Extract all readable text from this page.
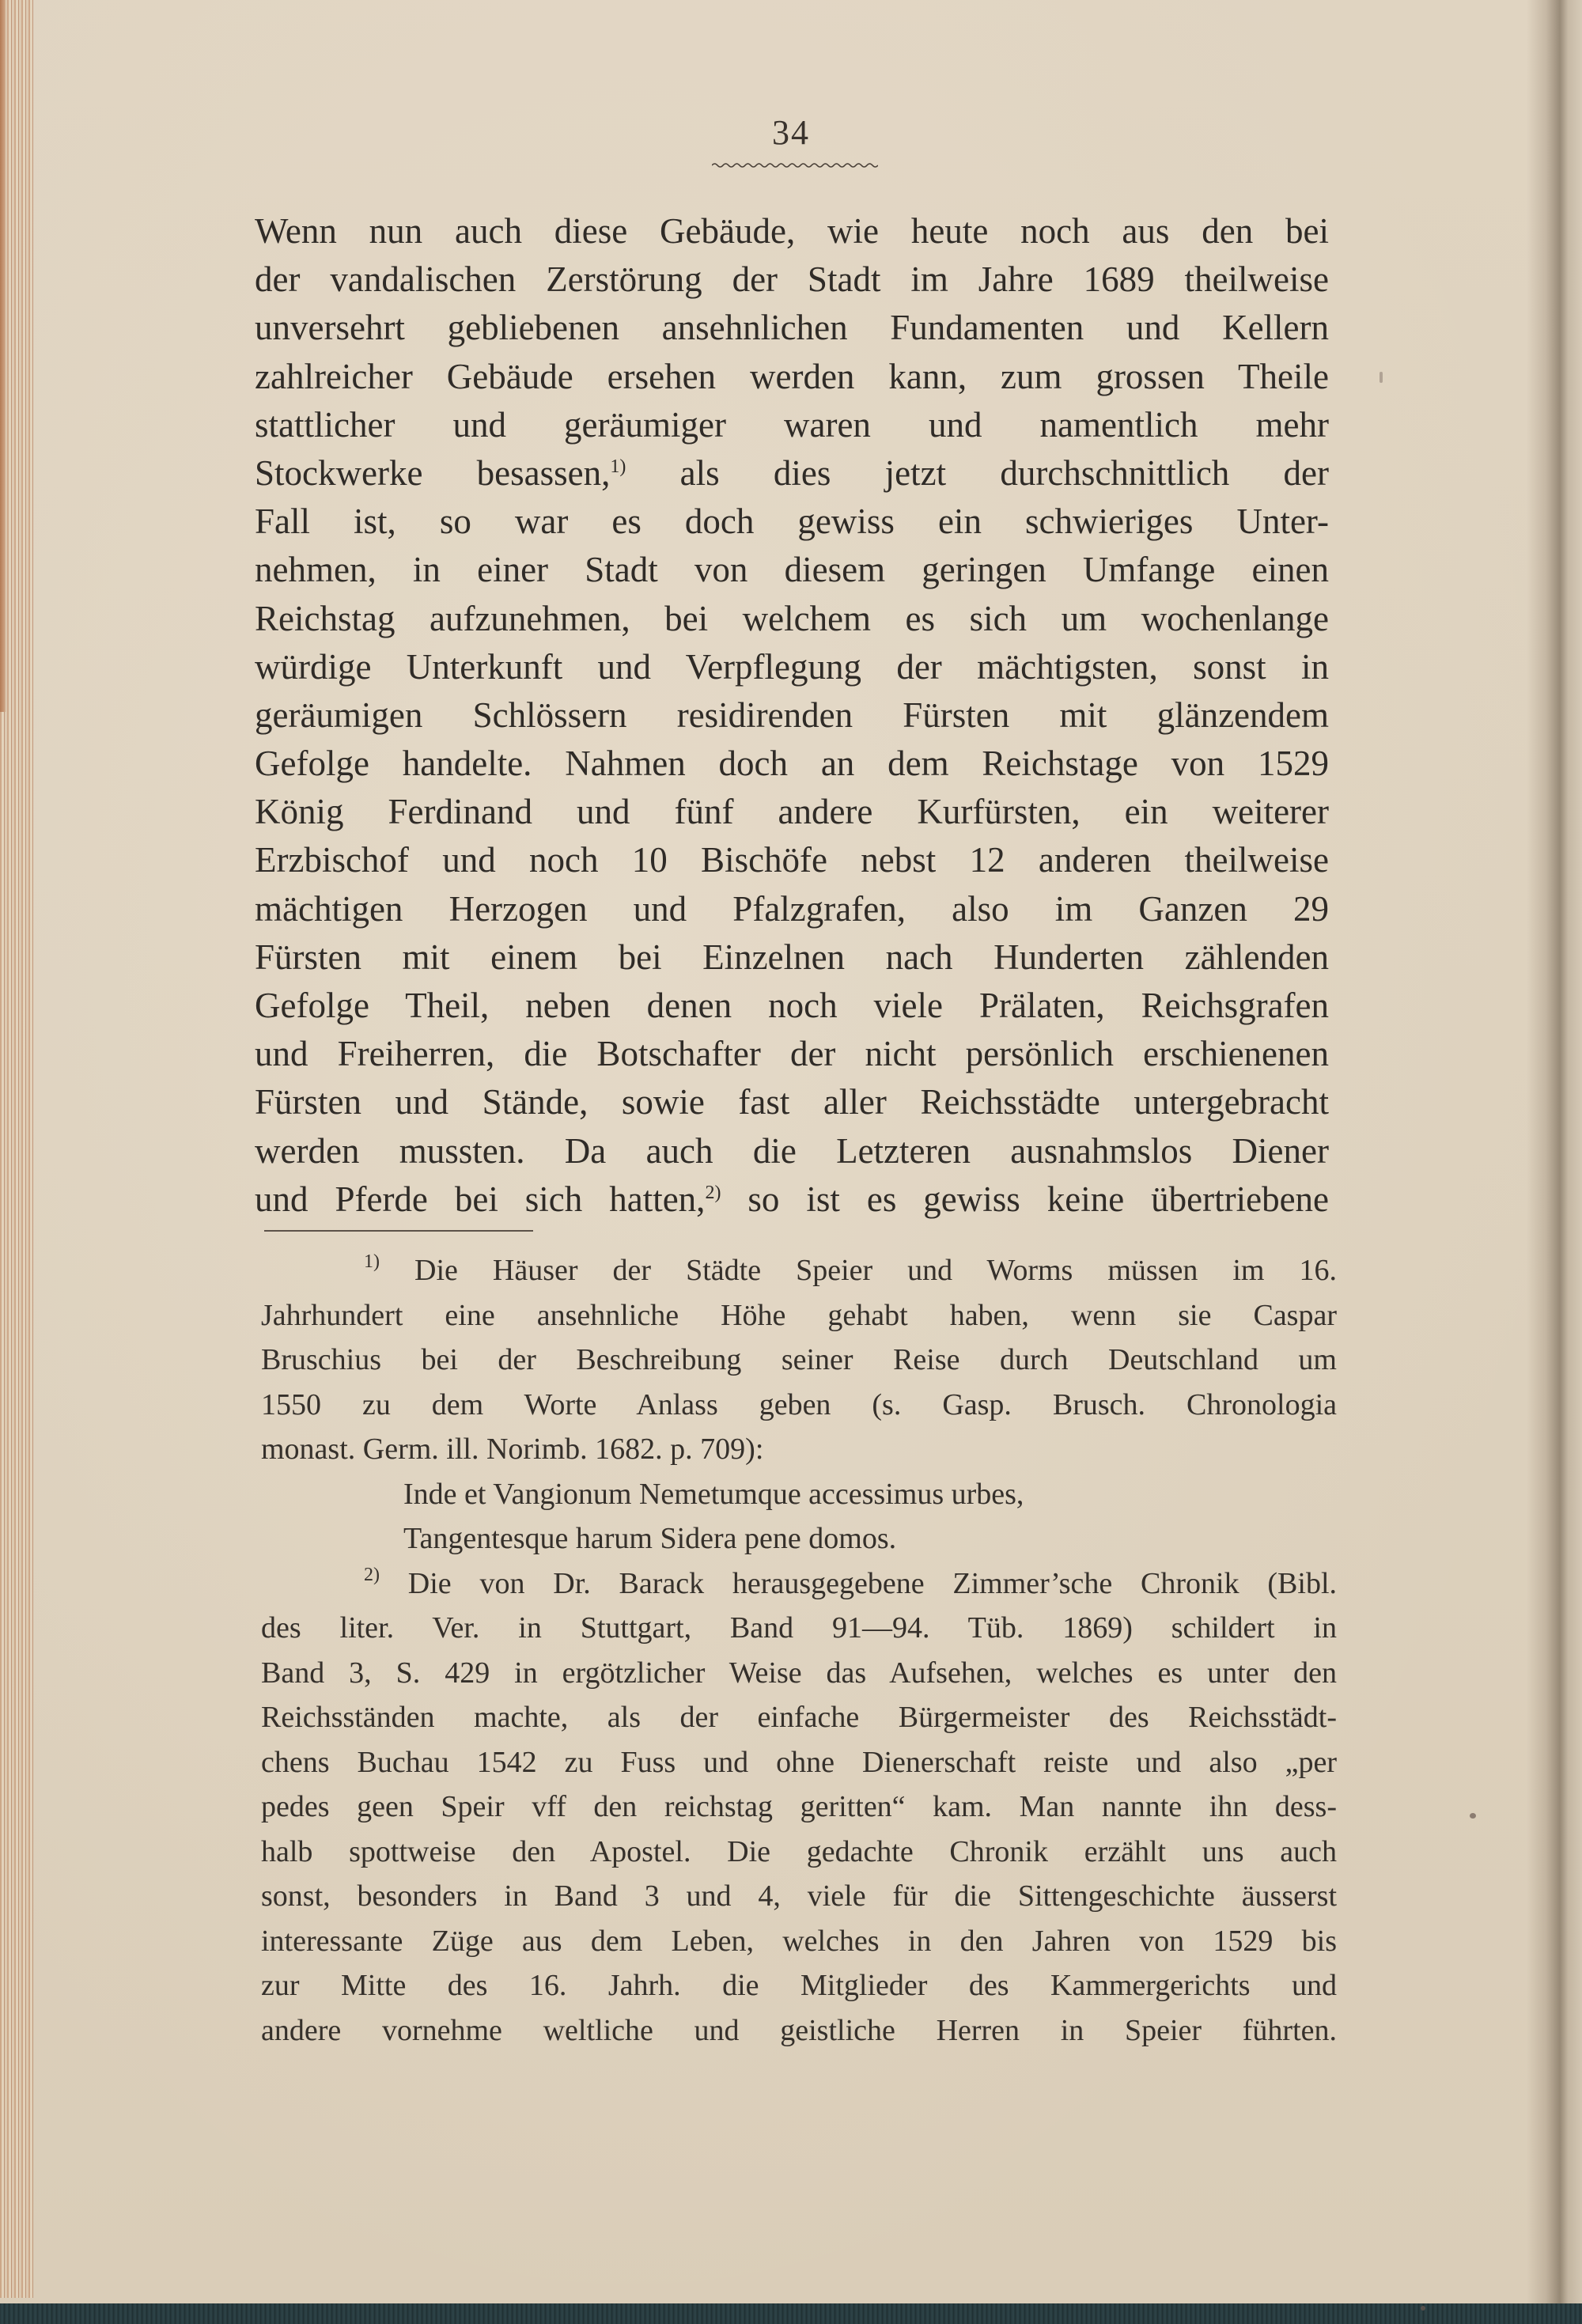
34
Wenn nun auch diese Gebäude, wie heute noch aus den bei
der vandalischen Zerstörung der Stadt im Jahre 1689 theilweise
unversehrt gebliebenen ansehnlichen Fundamenten und Kellern
zahlreicher Gebäude ersehen werden kann, zum grossen Theile
stattlicher und geräumiger waren und namentlich mehr
Stockwerke besassen,$^{1)}$ als dies jetzt durchschnittlich der
Fall ist, so war es doch gewiss ein schwieriges Unter-
nehmen, in einer Stadt von diesem geringen Umfange einen
Reichstag aufzunehmen, bei welchem es sich um wochenlange
würdige Unterkunft und Verpflegung der mächtigsten, sonst in
geräumigen Schlössern residirenden Fürsten mit glänzendem
Gefolge handelte. Nahmen doch an dem Reichstage von 1529
König Ferdinand und fünf andere Kurfürsten, ein weiterer
Erzbischof und noch 10 Bischöfe nebst 12 anderen theilweise
mächtigen Herzogen und Pfalzgrafen, also im Ganzen 29
Fürsten mit einem bei Einzelnen nach Hunderten zählenden
Gefolge Theil, neben denen noch viele Prälaten, Reichsgrafen
und Freiherren, die Botschafter der nicht persönlich erschienenen
Fürsten und Stände, sowie fast aller Reichsstädte untergebracht
werden mussten. Da auch die Letzteren ausnahmslos Diener
und Pferde bei sich hatten,$^{2)}$ so ist es gewiss keine übertriebene
$^{1)}$ Die Häuser der Städte Speier und Worms müssen im 16.
Jahrhundert eine ansehnliche Höhe gehabt haben, wenn sie Caspar
Bruschius bei der Beschreibung seiner Reise durch Deutschland um
1550 zu dem Worte Anlass geben (s. Gasp. Brusch. Chronologia
monast. Germ. ill. Norimb. 1682. p. 709):
Inde et Vangionum Nemetumque accessimus urbes,
Tangentesque harum Sidera pene domos.
$^{2)}$ Die von Dr. Barack herausgegebene Zimmer’sche Chronik (Bibl.
des liter. Ver. in Stuttgart, Band 91—94. Tüb. 1869) schildert in
Band 3, S. 429 in ergötzlicher Weise das Aufsehen, welches es unter den
Reichsständen machte, als der einfache Bürgermeister des Reichsstädt-
chens Buchau 1542 zu Fuss und ohne Dienerschaft reiste und also „per
pedes geen Speir vff den reichstag geritten“ kam. Man nannte ihn dess-
halb spottweise den Apostel. Die gedachte Chronik erzählt uns auch
sonst, besonders in Band 3 und 4, viele für die Sittengeschichte äusserst
interessante Züge aus dem Leben, welches in den Jahren von 1529 bis
zur Mitte des 16. Jahrh. die Mitglieder des Kammergerichts und
andere vornehme weltliche und geistliche Herren in Speier führten.
